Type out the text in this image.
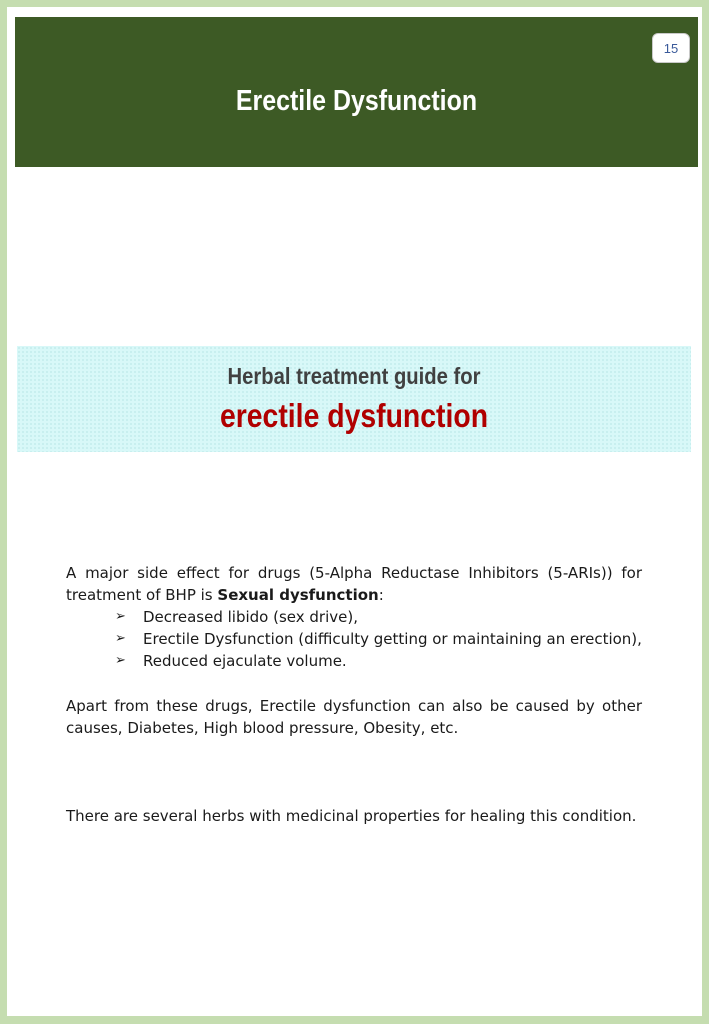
15
Erectile Dysfunction
Herbal treatment guide for
erectile dysfunction
A major side effect for drugs (5-Alpha Reductase Inhibitors (5-ARIs)) for treatment of BHP is Sexual dysfunction:
➢ Decreased libido (sex drive),
➢ Erectile Dysfunction (difficulty getting or maintaining an erection),
➢ Reduced ejaculate volume.
Apart from these drugs, Erectile dysfunction can also be caused by other causes, Diabetes, High blood pressure, Obesity, etc.
There are several herbs with medicinal properties for healing this condition.
